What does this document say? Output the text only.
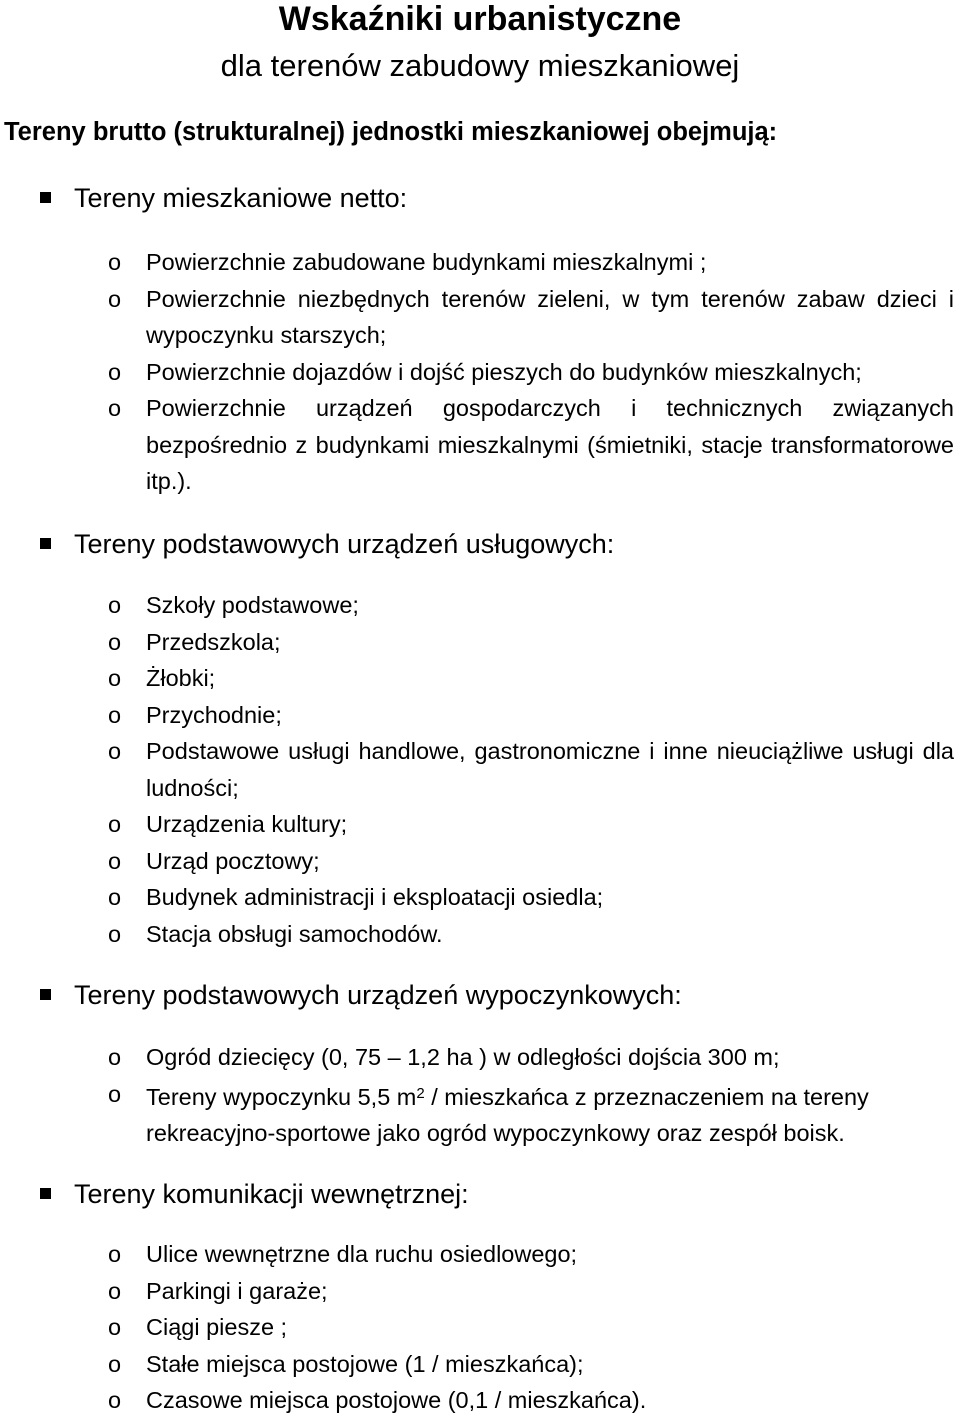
Wskaźniki urbanistyczne
dla terenów zabudowy mieszkaniowej
Tereny brutto (strukturalnej) jednostki mieszkaniowej obejmują:
Tereny mieszkaniowe netto:
o Powierzchnie zabudowane budynkami mieszkalnymi ;
o Powierzchnie niezbędnych terenów zieleni, w tym terenów zabaw dzieci i wypoczynku starszych;
o Powierzchnie dojazdów i dojść pieszych do budynków mieszkalnych;
o Powierzchnie urządzeń gospodarczych i technicznych związanych bezpośrednio z budynkami mieszkalnymi (śmietniki, stacje transformatorowe itp.).
Tereny podstawowych urządzeń usługowych:
o Szkoły podstawowe;
o Przedszkola;
o Żłobki;
o Przychodnie;
o Podstawowe usługi handlowe, gastronomiczne i inne nieuciążliwe usługi dla ludności;
o Urządzenia kultury;
o Urząd pocztowy;
o Budynek administracji i eksploatacji osiedla;
o Stacja obsługi samochodów.
Tereny podstawowych urządzeń wypoczynkowych:
o Ogród dziecięcy (0, 75 – 1,2 ha ) w odległości dojścia 300 m;
o Tereny wypoczynku 5,5 $m^2$ / mieszkańca z przeznaczeniem na tereny rekreacyjno-sportowe jako ogród wypoczynkowy oraz zespół boisk.
Tereny komunikacji wewnętrznej:
o Ulice wewnętrzne dla ruchu osiedlowego;
o Parkingi i garaże;
o Ciągi piesze ;
o Stałe miejsca postojowe (1 / mieszkańca);
o Czasowe miejsca postojowe (0,1 / mieszkańca).
